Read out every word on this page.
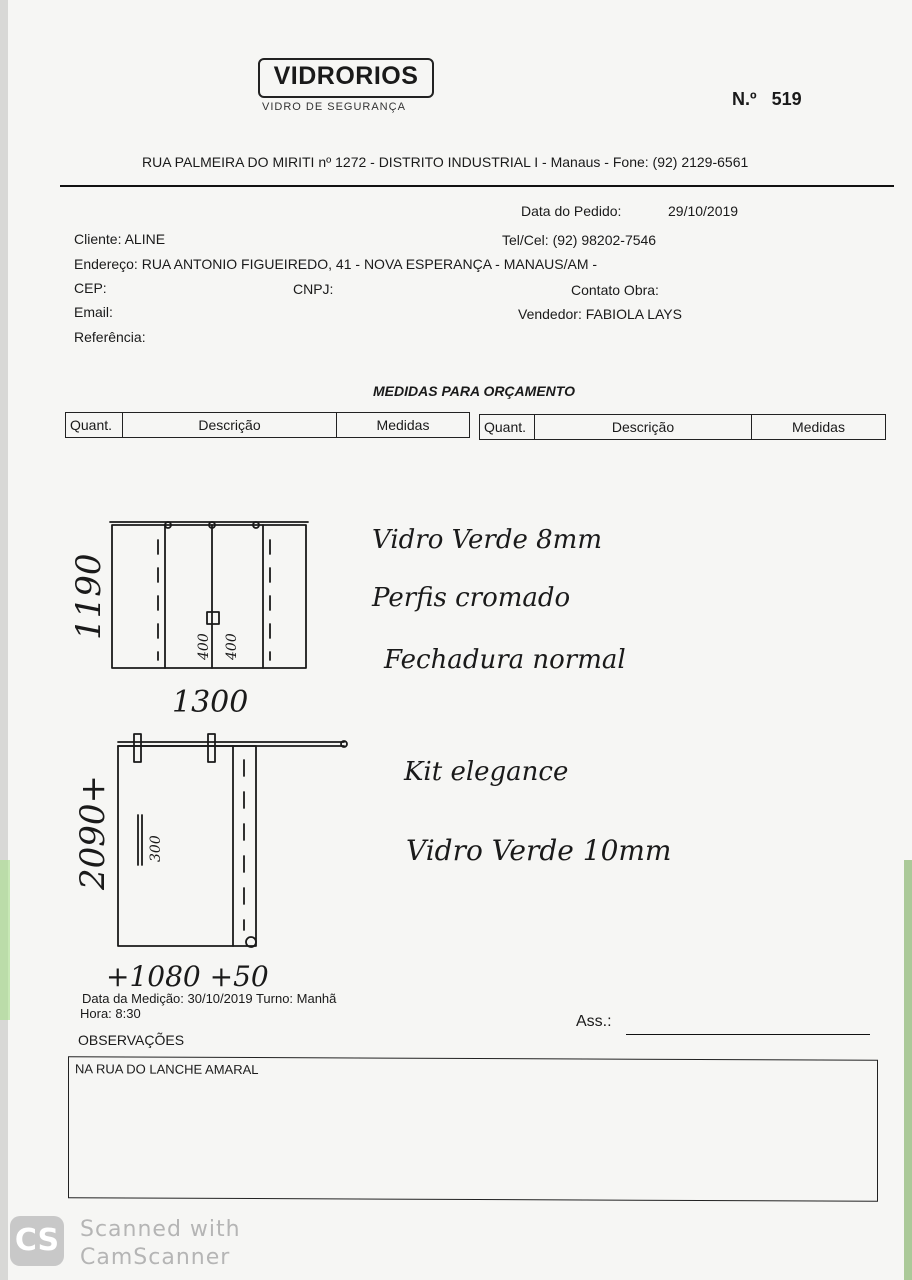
VIDRORIOS
VIDRO DE SEGURANÇA	N.º 519
RUA PALMEIRA DO MIRITI nº 1272 - DISTRITO INDUSTRIAL I - Manaus - Fone: (92) 2129-6561
Data do Pedido:	29/10/2019
Cliente: ALINE	Tel/Cel: (92) 98202-7546
Endereço: RUA ANTONIO FIGUEIREDO, 41 - NOVA ESPERANÇA - MANAUS/AM -
CEP:	CNPJ:	Contato Obra:
Email:	Vendedor: FABIOLA LAYS
Referência:
MEDIDAS PARA ORÇAMENTO
Quant.	Descrição	Medidas	Quant.	Descrição	Medidas
1190
1300
400 400
Vidro Verde 8mm
Perfis cromado
Fechadura normal
2090+	300
+1080 +50
Kit elegance
Vidro Verde 10mm
Data da Medição: 30/10/2019 Turno: Manhã
Hora: 8:30	Ass.:
OBSERVAÇÕES
NA RUA DO LANCHE AMARAL
CS Scanned with
CamScanner
